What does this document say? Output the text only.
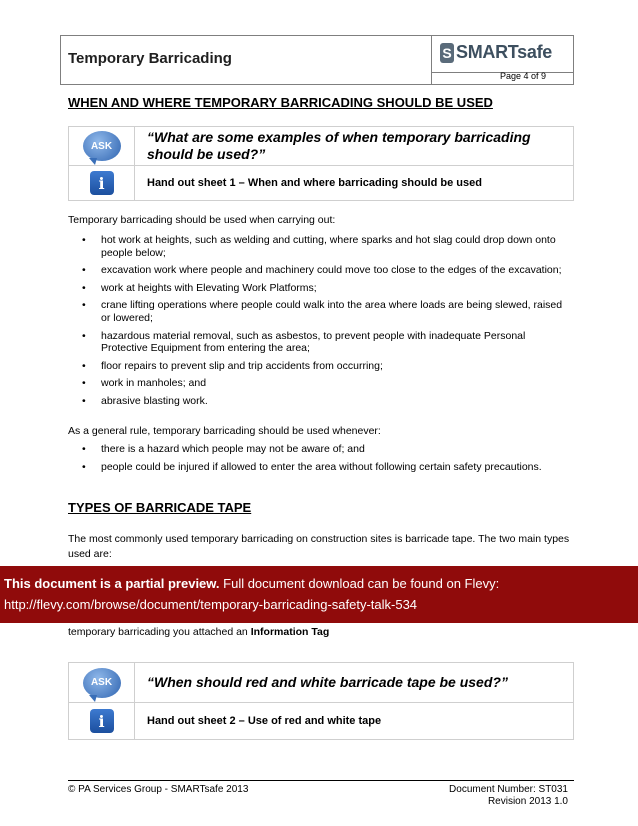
Temporary Barricading	S SMARTsafe
Page 4 of 9
WHEN AND WHERE TEMPORARY BARRICADING SHOULD BE USED
ASK
“What are some examples of when temporary barricading should be used?”
i	Hand out sheet 1 – When and where barricading should be used
Temporary barricading should be used when carrying out:
• hot work at heights, such as welding and cutting, where sparks and hot slag could drop down onto people below;
• excavation work where people and machinery could move too close to the edges of the excavation;
• work at heights with Elevating Work Platforms;
• crane lifting operations where people could walk into the area where loads are being slewed, raised or lowered;
• hazardous material removal, such as asbestos, to prevent people with inadequate Personal Protective Equipment from entering the area;
• floor repairs to prevent slip and trip accidents from occurring;
• work in manholes; and
• abrasive blasting work.
As a general rule, temporary barricading should be used whenever:
• there is a hazard which people may not be aware of; and
• people could be injured if allowed to enter the area without following certain safety precautions.
TYPES OF BARRICADE TAPE
The most commonly used temporary barricading on construction sites is barricade tape. The two main types used are:
temporary barricading you attached an Information Tag
ASK	“When should red and white barricade tape be used?”
i	Hand out sheet 2 – Use of red and white tape
This document is a partial preview. Full document download can be found on Flevy:
http://flevy.com/browse/document/temporary-barricading-safety-talk-534
© PA Services Group - SMARTsafe 2013	Document Number: ST031
Revision 2013 1.0
